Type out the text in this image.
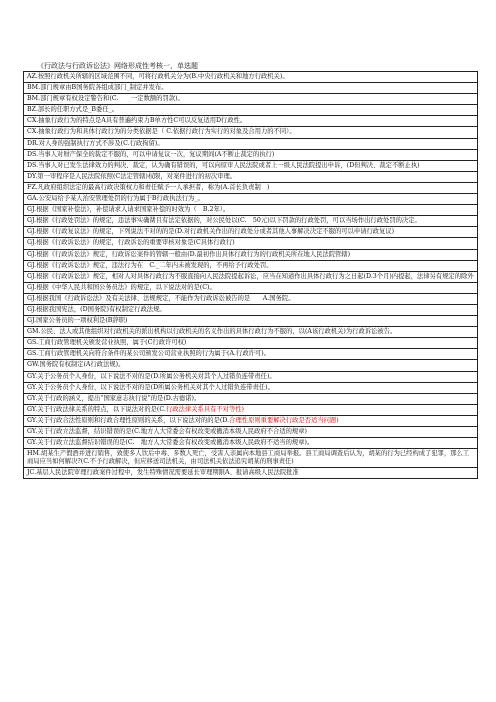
《行政法与行政诉讼法》网络形成性考核一、单选题
AZ.按照行政机关所辖的区域范围不同，可将行政机关分为(B.中央行政机关和地方行政机关)。
BM.部门规章由B国务院各组成部门_制定并发布。
BM.部门规章有权设定警告和(C.　　一定数额的罚款)。
BZ.部长的任职方式是_B委任_。
CX.抽象行政行为的特点是A具有普遍约束力B单方性C可以反复适用D行政性。
CX.抽象行政行为和具体行政行为的分类依据是（ C.依据行政行为实行的对象及合用力的不同）。
DR.对人身的强制执行方式不涉及(C.行政拘留)。
DS.当事人对财产保全的裁定不服的，可以申请复议一次，复议期间(A不断止裁定的执行)
DS.当事人对已发生法律效力的判决、裁定，认为确有错误的，可以向原审人民法院或者上一级人民法院提出申诉，(D但判决、裁定不断止执)
DY.第一审程序是人民法院依照(C法定管辖)权限，对案件进行的初次审理。
FZ.凡政府组织法定的最高行政决策权力和责任赋予一人承担者，称为(A.首长负责制　)
GA.公安局给予某人治安管理处罚的行为属于B行政执法行为_。
GJ.根据《国家补偿法》，补偿请求人请求国家补偿的时效为（　B.2年）。
GJ.根据《行政处罚法》的规定，违法事实确凿且有法定依据的，对公民处以(C.　50元)以下罚款的行政处罚，可以当场作出行政处罚的决定。
GJ.根据《行政复议法》的规定，下列说法不对的的是(D.对行政机关作出的行政处分或者其他人事解决决定不服的可以申请行政复议)
GJ.根据《行政诉讼法》的规定，行政诉讼的重要审核对象是(C具体行政行)
GJ.根据《行政诉讼法》规定，行政诉讼案件的管辖一般由(D.最初作出具体行政行为的行政机关所在地人民法院管辖)
GJ.根据《行政诉讼法》规定，违法行为在　C._二年内未被发现的，不再给予行政处罚。
GJ.根据《行政诉讼法》规定，相对人对具体行政行为不服直接向人民法院提起诉讼，应当在知道作出具体行政行为之日起(D.3个月)内提起，法律另有规定的除外
GJ.根据《中华人民共和国公务员法》的规定，以下说法对的是(C)。
GJ.根据我国《行政诉讼法》及有关法律、法规规定，不能作为行政诉讼被告的是　　A.国务院。
GJ.根据我国宪法，(D国务院)有权制定行政法规。
GJ.国家公务员的一项权利是(B辞职)
GM.公民、法人或其他组织对行政机关的派出机构以行政机关的名义作出的具体行政行为不服的，以(A该行政机关)为行政诉讼被告。
GS.工商行政管理机关颁发营业执照，属于(C行政许可权)
GS.工商行政管理机关向符合条件的某公司颁发公司营业执照的行为属于(A.行政许可)。
GW.国务院有权制定(A行政法规)。
GY.关于公务员个人身份，以下说法不对的是(D.所属公务机关对其个人过错负连带责任)。
GY.关于公务员个人身份，以下说法不对的是(D所属公务机关对其个人过错负连带责任)。
GY.关于行政的涵义，提出“国家意志执行说”的是(D.古德诺)。
GY.关于行政法律关系的特点，以下说法对的是(C.行政法律关系具有不对等性)
GY.关于行政合法性原则和行政合理性原则的关系，以下说法对的的是(D.合理性原则重要解决行政是否适当问题)
GY.关于行政立法监督，结识错误的是(C.地方人大常委会有权改变或撤消本级人民政府不合适的规章)
GY.关于行政立法监督结识错误的是(C.　地方人大常委会有权改变或撤消本级人民政府不适当的规章)。
HM.胡某生产假酒并进行销售，致使多人饮后中毒、多数人死亡，受害人亲属向本地县工商局举报。县工商局调查后认为，胡某的行为已经构成了犯罪，那么工商局应当如何解决?(C.不予行政解决，但应移送司法机关，由司法机关依法追究胡某的刑事责任)
JC.基层人民法院审理行政案件过程中，发生特殊情况需要延长审理期限A、报请高级人民法院批准
